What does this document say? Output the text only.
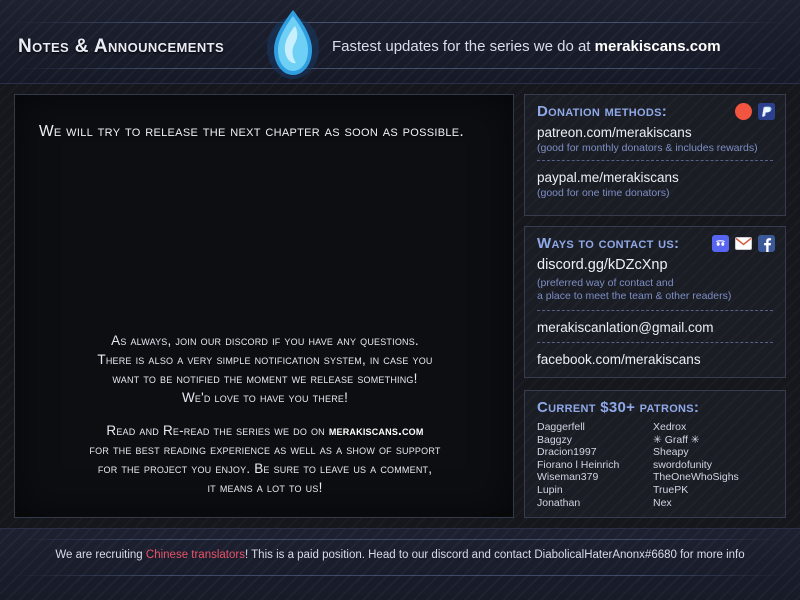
Notes & Announcements	Fastest updates for the series we do at merakiscans.com
We will try to release the next chapter as soon as possible.
As always, join our discord if you have any questions.
There is also a very simple notification system, in case you
want to be notified the moment we release something!
We'd love to have you there!
Read and Re-read the series we do on merakiscans.com
for the best reading experience as well as a show of support
for the project you enjoy. Be sure to leave us a comment,
it means a lot to us!
Donation methods:
patreon.com/merakiscans
(good for monthly donators & includes rewards)
paypal.me/merakiscans
(good for one time donators)
Ways to contact us:
discord.gg/kDZcXnp
(preferred way of contact and
a place to meet the team & other readers)
merakiscanlation@gmail.com
facebook.com/merakiscans
Current $30+ patrons:
Daggerfell
Baggzy
Dracion1997
Fiorano l Heinrich
Wiseman379
Lupin
Jonathan
Xedrox
✳ Graff ✳
Sheapy
swordofunity
TheOneWhoSighs
TruePK
Nex
We are recruiting Chinese translators! This is a paid position. Head to our discord and contact DiabolicalHaterAnonx#6680 for more info
